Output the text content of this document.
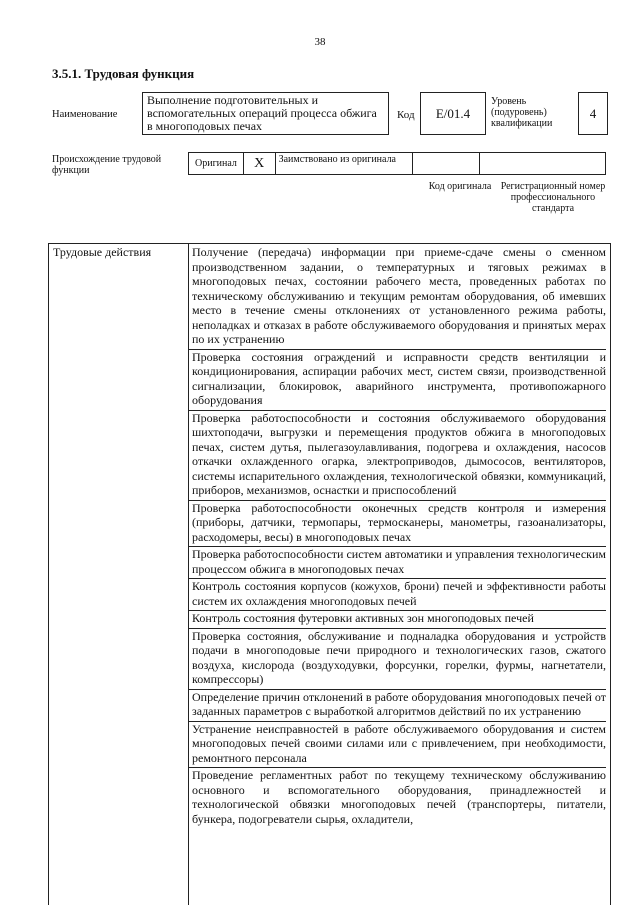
38
3.5.1. Трудовая функция
Наименование
Выполнение подготовительных и вспомогательных операций процесса обжига в многоподовых печах
Код E/01.4
Уровень (подуровень) квалификации
4
Происхождение трудовой функции
Оригинал X	Заимствовано из оригинала
Код оригинала Регистрационный номер профессионального стандарта
Трудовые действия	Получение (передача) информации при приеме-сдаче смены о сменном производственном задании, о температурных и тяговых режимах в многоподовых печах, состоянии рабочего места, проведенных работах по техническому обслуживанию и текущим ремонтам оборудования, об имевших место в течение смены отклонениях от установленного режима работы, неполадках и отказах в работе обслуживаемого оборудования и принятых мерах по их устранению
Проверка состояния ограждений и исправности средств вентиляции и кондиционирования, аспирации рабочих мест, систем связи, производственной сигнализации, блокировок, аварийного инструмента, противопожарного оборудования
Проверка работоспособности и состояния обслуживаемого оборудования шихтоподачи, выгрузки и перемещения продуктов обжига в многоподовых печах, систем дутья, пылегазоулавливания, подогрева и охлаждения, насосов откачки охлажденного огарка, электроприводов, дымососов, вентиляторов, системы испарительного охлаждения, технологической обвязки, коммуникаций, приборов, механизмов, оснастки и приспособлений
Проверка работоспособности оконечных средств контроля и измерения (приборы, датчики, термопары, термосканеры, манометры, газоанализаторы, расходомеры, весы) в многоподовых печах
Проверка работоспособности систем автоматики и управления технологическим процессом обжига в многоподовых печах
Контроль состояния корпусов (кожухов, брони) печей и эффективности работы систем их охлаждения многоподовых печей
Контроль состояния футеровки активных зон многоподовых печей
Проверка состояния, обслуживание и подналадка оборудования и устройств подачи в многоподовые печи природного и технологических газов, сжатого воздуха, кислорода (воздуходувки, форсунки, горелки, фурмы, нагнетатели, компрессоры)
Определение причин отклонений в работе оборудования многоподовых печей от заданных параметров с выработкой алгоритмов действий по их устранению
Устранение неисправностей в работе обслуживаемого оборудования и систем многоподовых печей своими силами или с привлечением, при необходимости, ремонтного персонала
Проведение регламентных работ по текущему техническому обслуживанию основного и вспомогательного оборудования, принадлежностей и технологической обвязки многоподовых печей (транспортеры, питатели, бункера, подогреватели сырья, охладители,
